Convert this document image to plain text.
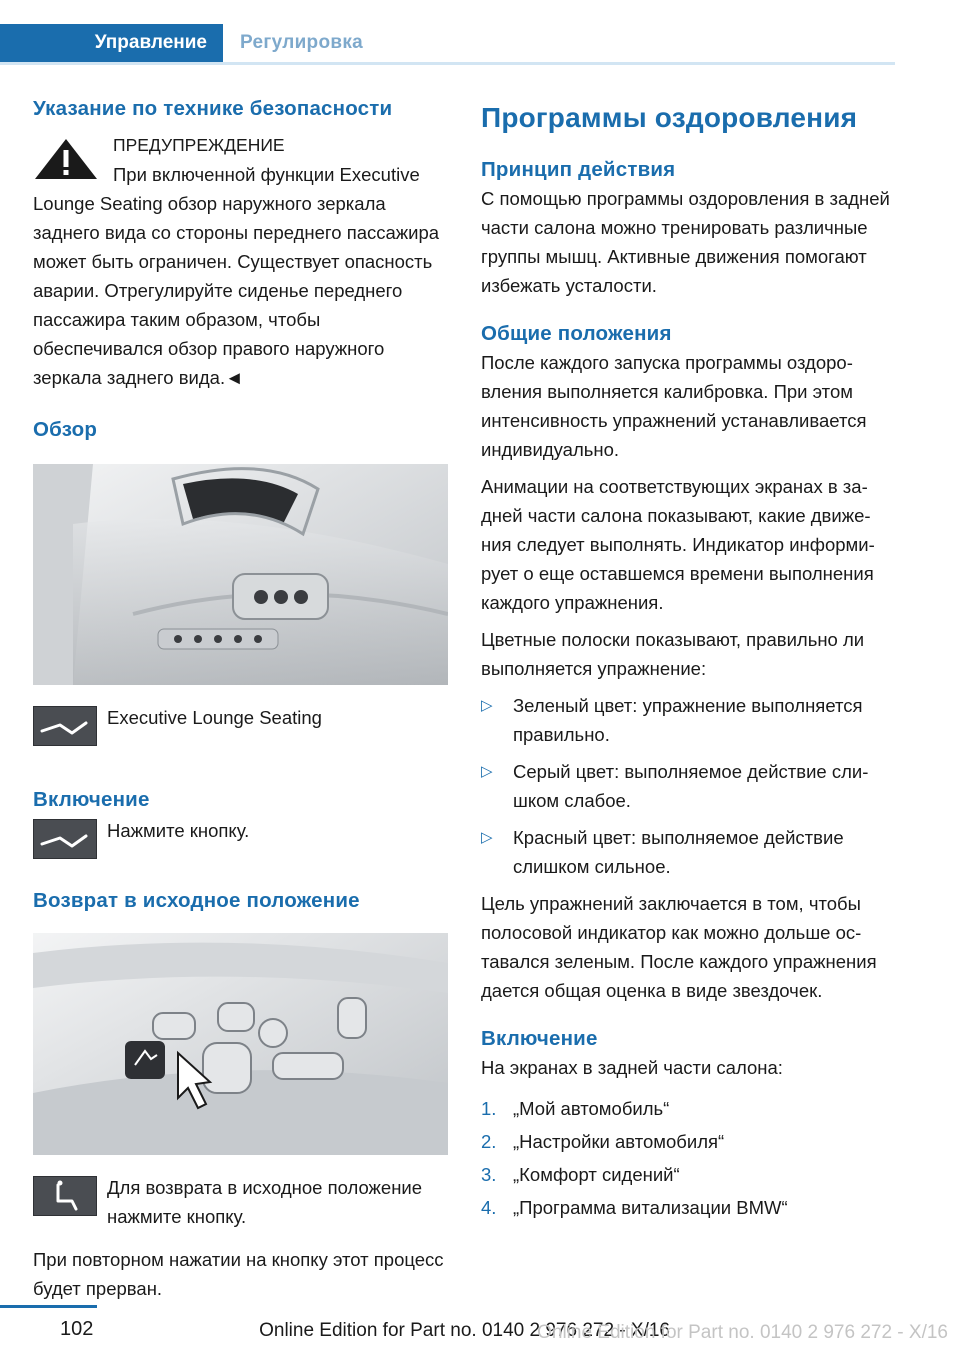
Управление	Регулировка
Указание по технике безопасности

ПРЕДУПРЕЖДЕНИЕ

При включенной функции Executive Lounge Seating обзор наружного зеркала заднего вида со стороны переднего пассажира может быть ограничен. Существует опасность аварии. Отрегулируйте сиденье переднего пассажира таким образом, чтобы обеспечивался обзор правого наружного зеркала заднего вида.◄

Обзор

Executive Lounge Seating

Включение

Нажмите кнопку.

Возврат в исходное положение

Для возврата в исходное положение нажмите кнопку.

При повторном нажатии на кнопку этот процесс будет прерван.

Программы оздоровления
Принцип действия

С помощью программы оздоровления в задней части салона можно тренировать различные группы мышц. Активные движения помогают избежать усталости.

Общие положения

После каждого запуска программы оздоровления выполняется калибровка. При этом интенсивность упражнений устанавливается индивидуально.

Анимации на соответствующих экранах в задней части салона показывают, какие движения следует выполнять. Индикатор информирует о еще оставшемся времени выполнения каждого упражнения.

Цветные полоски показывают, правильно ли выполняется упражнение:

▷ Зеленый цвет: упражнение выполняется правильно.
▷ Серый цвет: выполняемое действие слишком слабое.
▷ Красный цвет: выполняемое действие слишком сильное.

Цель упражнений заключается в том, чтобы полосовой индикатор как можно дольше оставался зеленым. После каждого упражнения дается общая оценка в виде звездочек.

Включение

На экранах в задней части салона:

1. „Мой автомобиль“
2. „Настройки автомобиля“
3. „Комфорт сидений“
4. „Программа витализации BMW“
102	Online Edition for Part no. 0140 2 976 272 - X/16
Online Edition for Part no. 0140 2 976 272 - X/16
